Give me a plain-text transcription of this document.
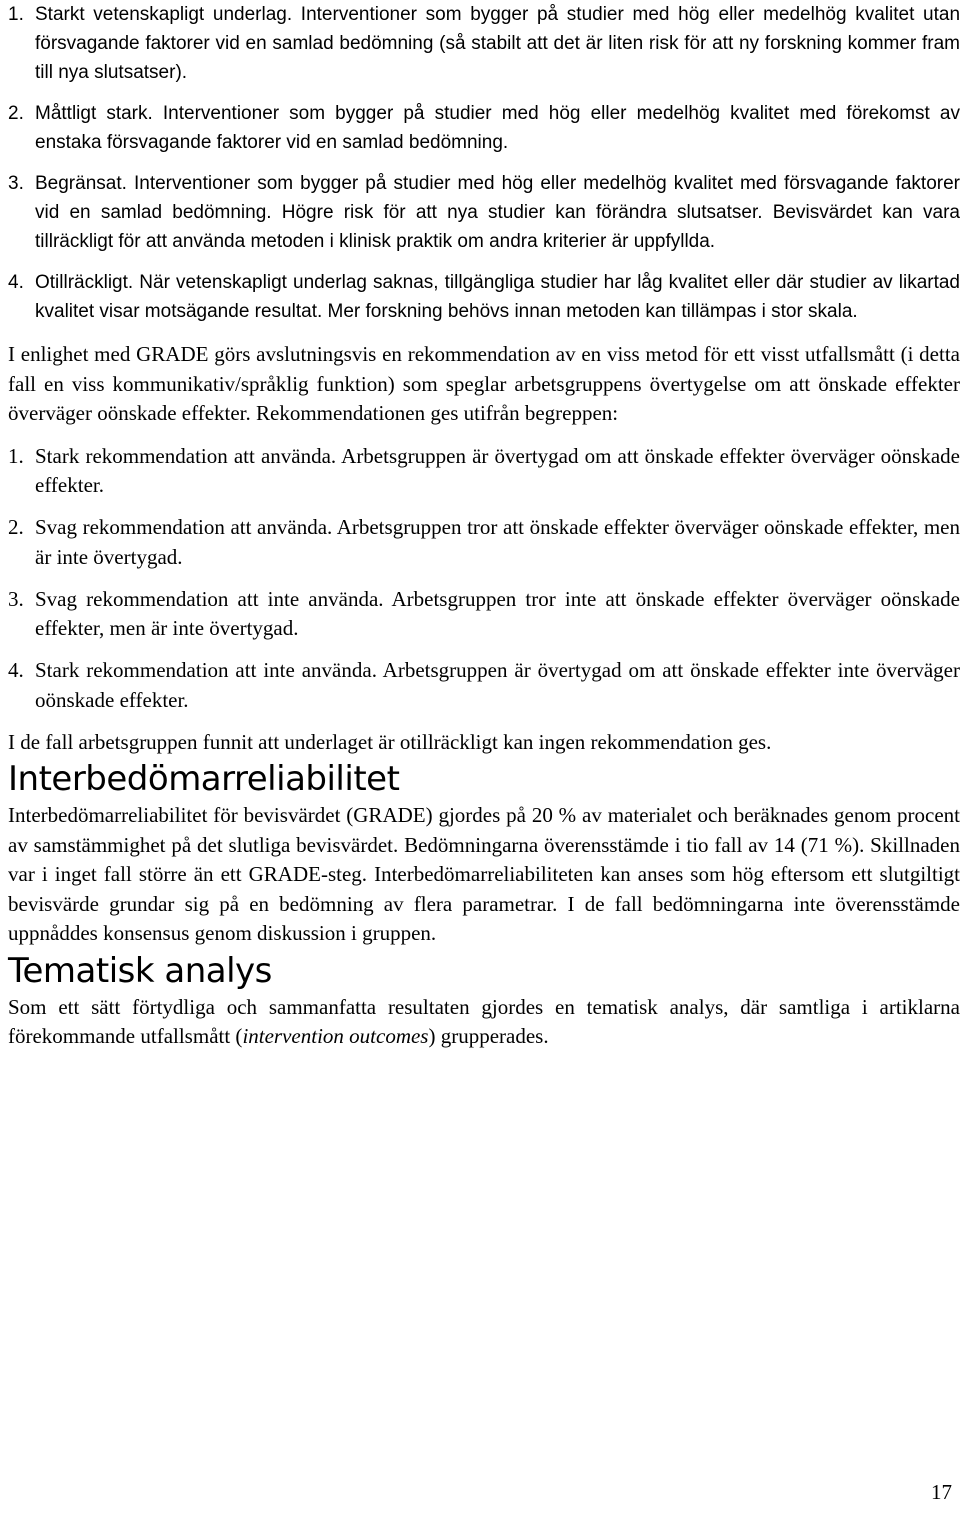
1. Starkt vetenskapligt underlag. Interventioner som bygger på studier med hög eller medelhög kvalitet utan försvagande faktorer vid en samlad bedömning (så stabilt att det är liten risk för att ny forskning kommer fram till nya slutsatser).
2. Måttligt stark. Interventioner som bygger på studier med hög eller medelhög kvalitet med förekomst av enstaka försvagande faktorer vid en samlad bedömning.
3. Begränsat. Interventioner som bygger på studier med hög eller medelhög kvalitet med försvagande faktorer vid en samlad bedömning. Högre risk för att nya studier kan förändra slutsatser. Bevisvärdet kan vara tillräckligt för att använda metoden i klinisk praktik om andra kriterier är uppfyllda.
4. Otillräckligt. När vetenskapligt underlag saknas, tillgängliga studier har låg kvalitet eller där studier av likartad kvalitet visar motsägande resultat. Mer forskning behövs innan metoden kan tillämpas i stor skala.

I enlighet med GRADE görs avslutningsvis en rekommendation av en viss metod för ett visst utfallsmått (i detta fall en viss kommunikativ/språklig funktion) som speglar arbetsgruppens övertygelse om att önskade effekter överväger oönskade effekter. Rekommendationen ges utifrån begreppen:

1. Stark rekommendation att använda. Arbetsgruppen är övertygad om att önskade effekter överväger oönskade effekter.
2. Svag rekommendation att använda. Arbetsgruppen tror att önskade effekter överväger oönskade effekter, men är inte övertygad.
3. Svag rekommendation att inte använda. Arbetsgruppen tror inte att önskade effekter överväger oönskade effekter, men är inte övertygad.
4. Stark rekommendation att inte använda. Arbetsgruppen är övertygad om att önskade effekter inte överväger oönskade effekter.

I de fall arbetsgruppen funnit att underlaget är otillräckligt kan ingen rekommendation ges.

Interbedömarreliabilitet

Interbedömarreliabilitet för bevisvärdet (GRADE) gjordes på 20 % av materialet och beräknades genom procent av samstämmighet på det slutliga bevisvärdet. Bedömningarna överensstämde i tio fall av 14 (71 %). Skillnaden var i inget fall större än ett GRADE-steg. Interbedömarreliabiliteten kan anses som hög eftersom ett slutgiltigt bevisvärde grundar sig på en bedömning av flera parametrar. I de fall bedömningarna inte överensstämde uppnåddes konsensus genom diskussion i gruppen.

Tematisk analys

Som ett sätt förtydliga och sammanfatta resultaten gjordes en tematisk analys, där samtliga i artiklarna förekommande utfallsmått (intervention outcomes) grupperades.

17
